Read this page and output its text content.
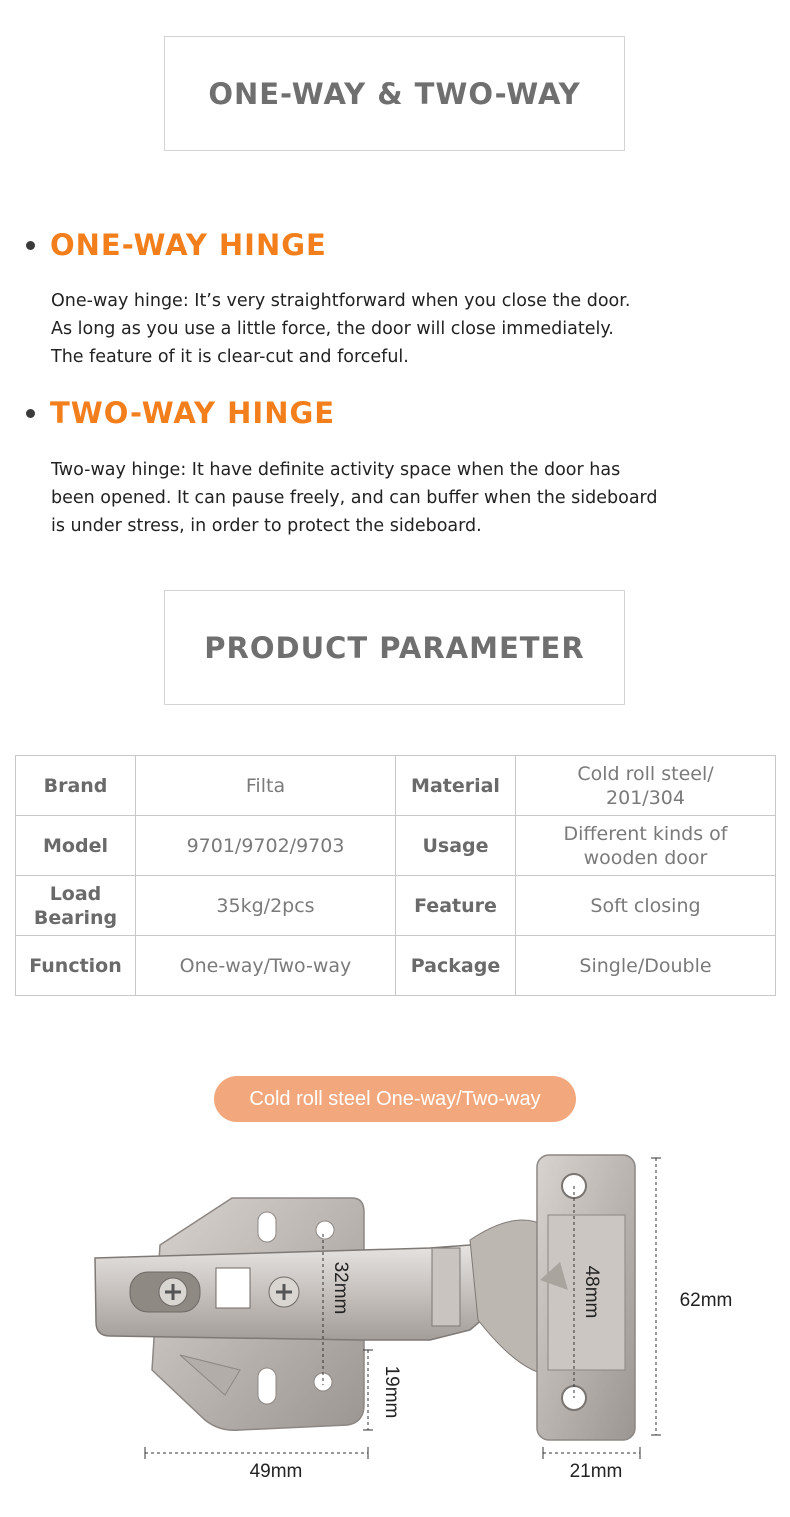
ONE-WAY & TWO-WAY
ONE-WAY HINGE
One-way hinge: It’s very straightforward when you close the door.
As long as you use a little force, the door will close immediately.
The feature of it is clear-cut and forceful.
TWO-WAY HINGE
Two-way hinge: It have definite activity space when the door has
been opened. It can pause freely, and can buffer when the sideboard
is under stress, in order to protect the sideboard.
PRODUCT PARAMETER
Brand	Filta	Material	Cold roll steel/
201/304

Model	9701/9702/9703	Usage	Different kinds of
wooden door

Load
Bearing	35kg/2pcs	Feature	Soft closing
Function	One-way/Two-way	Package	Single/Double
Cold roll steel One-way/Two-way
32mm	48mm
19mm
62mm
49mm	21mm
